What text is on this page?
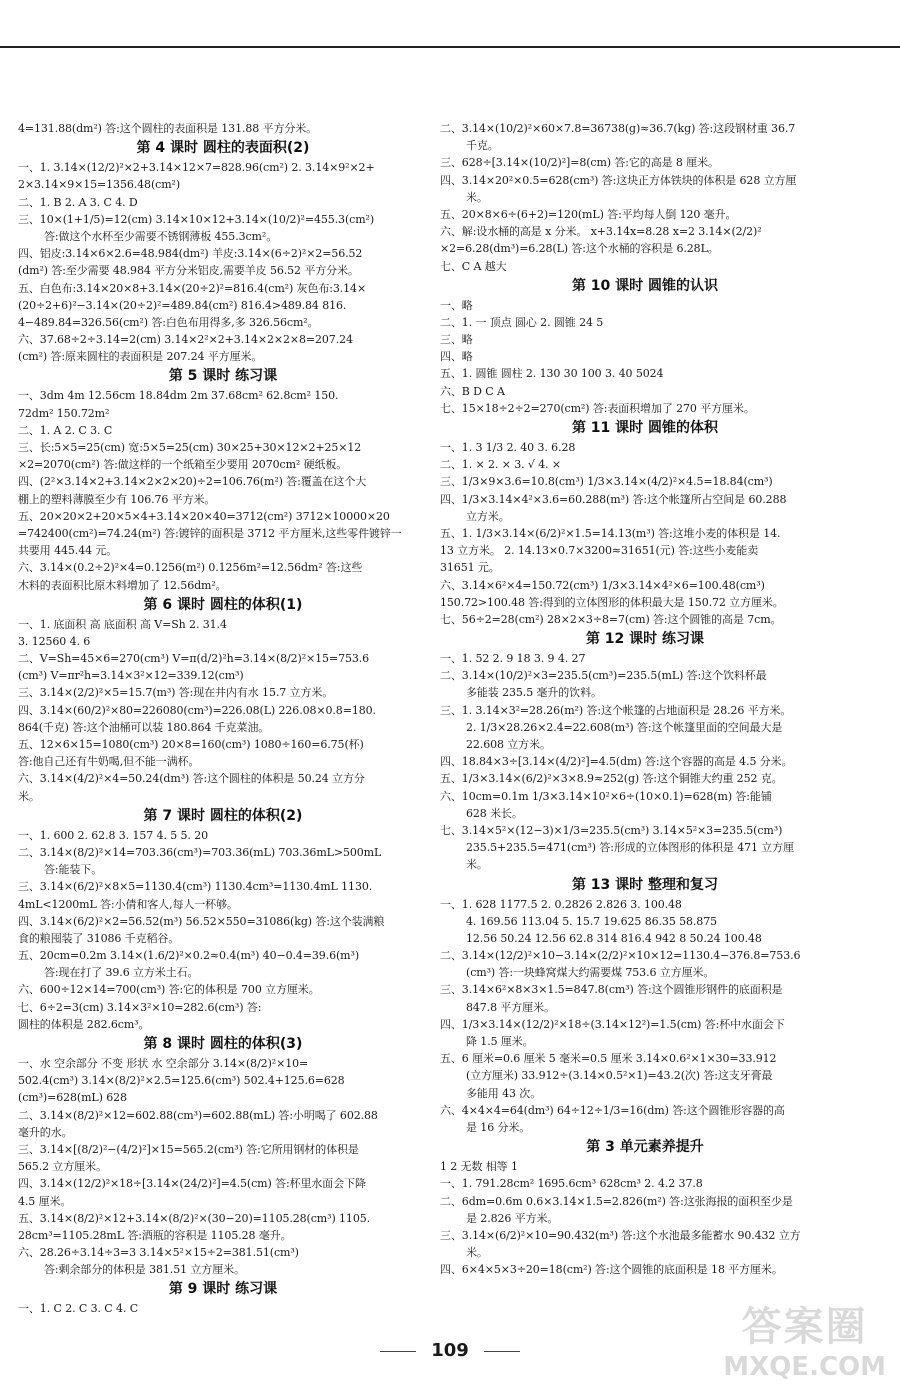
4=131.88(dm²) 答:这个圆柱的表面积是 131.88 平方分米。
第 4 课时 圆柱的表面积(2)
一、1. 3.14×(12/2)²×2+3.14×12×7=828.96(cm²) 2. 3.14×9²×2+
2×3.14×9×15=1356.48(cm²)
二、1. B 2. A 3. C 4. D
三、10×(1+1/5)=12(cm) 3.14×10×12+3.14×(10/2)²=455.3(cm²)
答:做这个水杯至少需要不锈钢薄板 455.3cm²。
四、铝皮:3.14×6×2.6=48.984(dm²) 羊皮:3.14×(6÷2)²×2=56.52
(dm²) 答:至少需要 48.984 平方分米铝皮,需要羊皮 56.52 平方分米。
五、白色布:3.14×20×8+3.14×(20÷2)²=816.4(cm²) 灰色布:3.14×
(20÷2+6)²−3.14×(20÷2)²=489.84(cm²) 816.4>489.84 816.
4−489.84=326.56(cm²) 答:白色布用得多,多 326.56cm²。
六、37.68÷2÷3.14=2(cm) 3.14×2²×2+3.14×2×2×8=207.24
(cm²) 答:原来圆柱的表面积是 207.24 平方厘米。
第 5 课时 练习课
一、3dm 4m 12.56cm 18.84dm 2m 37.68cm² 62.8cm² 150.
72dm² 150.72m²
二、1. A 2. C 3. C
三、长:5×5=25(cm) 宽:5×5=25(cm) 30×25+30×12×2+25×12
×2=2070(cm²) 答:做这样的一个纸箱至少要用 2070cm² 硬纸板。
四、(2²×3.14×2+3.14×2×2×20)÷2=106.76(m²) 答:覆盖在这个大
棚上的塑料薄膜至少有 106.76 平方米。
五、20×20×2+20×5×4+3.14×20×40=3712(cm²) 3712×10000×20
=742400(cm²)=74.24(m²) 答:镀锌的面积是 3712 平方厘米,这些零件镀锌一
共要用 445.44 元。
六、3.14×(0.2÷2)²×4=0.1256(m²) 0.1256m²=12.56dm² 答:这些
木料的表面积比原木料增加了 12.56dm²。
第 6 课时 圆柱的体积(1)
一、1. 底面积 高 底面积 高 V=Sh 2. 31.4
3. 12560 4. 6
二、V=Sh=45×6=270(cm³) V=π(d/2)²h=3.14×(8/2)²×15=753.6
(cm³) V=πr²h=3.14×3²×12=339.12(cm³)
三、3.14×(2/2)²×5=15.7(m³) 答:现在井内有水 15.7 立方米。
四、3.14×(60/2)²×80=226080(cm³)=226.08(L) 226.08×0.8=180.
864(千克) 答:这个油桶可以装 180.864 千克菜油。
五、12×6×15=1080(cm³) 20×8=160(cm³) 1080÷160=6.75(杯)
答:他自己还有牛奶喝,但不能一满杯。
六、3.14×(4/2)²×4=50.24(dm³) 答:这个圆柱的体积是 50.24 立方分
米。
第 7 课时 圆柱的体积(2)
一、1. 600 2. 62.8 3. 157 4. 5 5. 20
二、3.14×(8/2)²×14=703.36(cm³)=703.36(mL) 703.36mL>500mL
答:能装下。
三、3.14×(6/2)²×8×5=1130.4(cm³) 1130.4cm³=1130.4mL 1130.
4mL<1200mL 答:小倩和客人,每人一杯够。
四、3.14×(6/2)²×2=56.52(m³) 56.52×550=31086(kg) 答:这个装满粮
食的粮囤装了 31086 千克稻谷。
五、20cm=0.2m 3.14×(1.6/2)²×0.2≈0.4(m³) 40−0.4=39.6(m³)
答:现在打了 39.6 立方米土石。
六、600÷12×14=700(cm³) 答:它的体积是 700 立方厘米。
七、6÷2=3(cm) 3.14×3²×10=282.6(cm³) 答:
圆柱的体积是 282.6cm³。
第 8 课时 圆柱的体积(3)
一、水 空余部分 不变 形状 水 空余部分 3.14×(8/2)²×10=
502.4(cm³) 3.14×(8/2)²×2.5=125.6(cm³) 502.4+125.6=628
(cm³)=628(mL) 628
二、3.14×(8/2)²×12=602.88(cm³)=602.88(mL) 答:小明喝了 602.88
毫升的水。
三、3.14×[(8/2)²−(4/2)²]×15=565.2(cm³) 答:它所用钢材的体积是
565.2 立方厘米。
四、3.14×(12/2)²×18÷[3.14×(24/2)²]=4.5(cm) 答:杯里水面会下降
4.5 厘米。
五、3.14×(8/2)²×12+3.14×(8/2)²×(30−20)=1105.28(cm³) 1105.
28cm³=1105.28mL 答:酒瓶的容积是 1105.28 毫升。
六、28.26÷3.14÷3=3 3.14×5²×15÷2=381.51(cm³)
答:剩余部分的体积是 381.51 立方厘米。
第 9 课时 练习课
一、1. C 2. C 3. C 4. C
二、3.14×(10/2)²×60×7.8=36738(g)≈36.7(kg) 答:这段钢材重 36.7
千克。
三、628÷[3.14×(10/2)²]=8(cm) 答:它的高是 8 厘米。
四、3.14×20²×0.5=628(cm³) 答:这块正方体铁块的体积是 628 立方厘
米。
五、20×8×6÷(6+2)=120(mL) 答:平均每人倒 120 毫升。
六、解:设水桶的高是 x 分米。 x+3.14x=8.28 x=2 3.14×(2/2)²
×2=6.28(dm³)=6.28(L) 答:这个水桶的容积是 6.28L。
七、C A 越大
第 10 课时 圆锥的认识
一、略
二、1. 一 顶点 圆心 2. 圆锥 24 5
三、略
四、略
五、1. 圆锥 圆柱 2. 130 30 100 3. 40 5024
六、B D C A
七、15×18÷2÷2=270(cm²) 答:表面积增加了 270 平方厘米。
第 11 课时 圆锥的体积
一、1. 3 1/3 2. 40 3. 6.28
二、1. × 2. × 3. √ 4. ×
三、1/3×9×3.6=10.8(cm³) 1/3×3.14×(4/2)²×4.5=18.84(cm³)
四、1/3×3.14×4²×3.6=60.288(m³) 答:这个帐篷所占空间是 60.288
立方米。
五、1. 1/3×3.14×(6/2)²×1.5=14.13(m³) 答:这堆小麦的体积是 14.
13 立方米。 2. 14.13×0.7×3200≈31651(元) 答:这些小麦能卖
31651 元。
六、3.14×6²×4=150.72(cm³) 1/3×3.14×4²×6=100.48(cm³)
150.72>100.48 答:得到的立体图形的体积最大是 150.72 立方厘米。
七、56÷2=28(cm²) 28×2×3÷8=7(cm) 答:这个圆锥的高是 7cm。
第 12 课时 练习课
一、1. 52 2. 9 18 3. 9 4. 27
二、3.14×(10/2)²×3=235.5(cm³)=235.5(mL) 答:这个饮料杯最
多能装 235.5 毫升的饮料。
三、1. 3.14×3²=28.26(m²) 答:这个帐篷的占地面积是 28.26 平方米。
2. 1/3×28.26×2.4=22.608(m³) 答:这个帐篷里面的空间最大是
22.608 立方米。
四、18.84×3÷[3.14×(4/2)²]=4.5(dm) 答:这个容器的高是 4.5 分米。
五、1/3×3.14×(6/2)²×3×8.9≈252(g) 答:这个铜锥大约重 252 克。
六、10cm=0.1m 1/3×3.14×10²×6÷(10×0.1)=628(m) 答:能铺
628 米长。
七、3.14×5²×(12−3)×1/3=235.5(cm³) 3.14×5²×3=235.5(cm³)
235.5+235.5=471(cm³) 答:形成的立体图形的体积是 471 立方厘
米。
第 13 课时 整理和复习
一、1. 628 1177.5 2. 0.2826 2.826 3. 100.48
4. 169.56 113.04 5. 15.7 19.625 86.35 58.875
12.56 50.24 12.56 62.8 314 816.4 942 8 50.24 100.48
二、3.14×(12/2)²×10−3.14×(2/2)²×10×12=1130.4−376.8=753.6
(cm³) 答:一块蜂窝煤大约需要煤 753.6 立方厘米。
三、3.14×6²×8×3×1.5=847.8(cm³) 答:这个圆锥形钢件的底面积是
847.8 平方厘米。
四、1/3×3.14×(12/2)²×18÷(3.14×12²)=1.5(cm) 答:杯中水面会下
降 1.5 厘米。
五、6 厘米=0.6 厘米 5 毫米=0.5 厘米 3.14×0.6²×1×30=33.912
(立方厘米) 33.912÷(3.14×0.5²×1)=43.2(次) 答:这支牙膏最
多能用 43 次。
六、4×4×4=64(dm³) 64÷12÷1/3=16(dm) 答:这个圆锥形容器的高
是 16 分米。
第 3 单元素养提升
1 2 无数 相等 1
一、1. 791.28cm² 1695.6cm³ 628cm³ 2. 4.2 37.8
二、6dm=0.6m 0.6×3.14×1.5=2.826(m²) 答:这张海报的面积至少是
是 2.826 平方米。
三、3.14×(6/2)²×10=90.432(m³) 答:这个水池最多能蓄水 90.432 立方
米。
四、6×4×5×3÷20=18(cm²) 答:这个圆锥的底面积是 18 平方厘米。
109
答案圈
MXQE.COM
